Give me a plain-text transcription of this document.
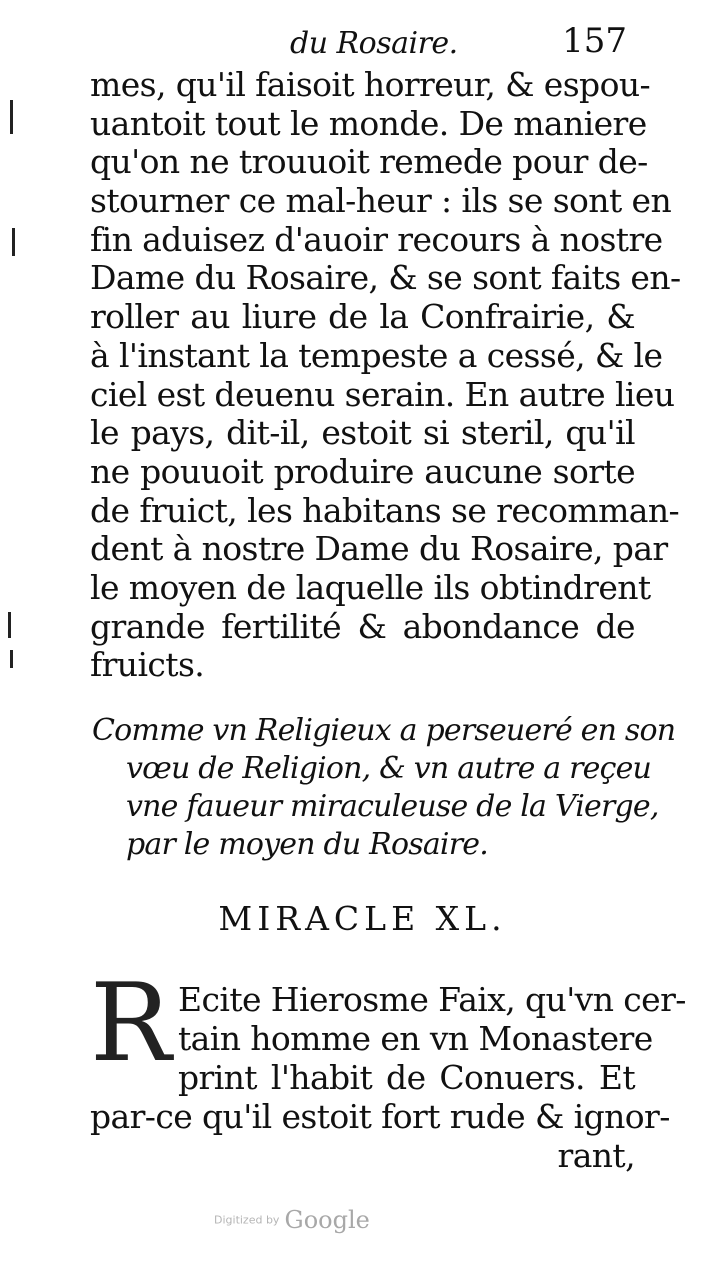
du Rosaire.	157
mes, qu'il faisoit horreur, & espou-
uantoit tout le monde. De maniere
qu'on ne trouuoit remede pour de-
stourner ce mal-heur : ils se sont en
fin aduisez d'auoir recours à nostre
Dame du Rosaire, & se sont faits en-
roller au liure de la Confrairie, &
à l'instant la tempeste a cessé, & le
ciel est deuenu serain. En autre lieu
le pays, dit-il, estoit si steril, qu'il
ne pouuoit produire aucune sorte
de fruict, les habitans se recomman-
dent à nostre Dame du Rosaire, par
le moyen de laquelle ils obtindrent
grande fertilité & abondance de
fruicts.
Comme vn Religieux a perseueré en son
vœu de Religion, & vn autre a reçeu
vne faueur miraculeuse de la Vierge,
par le moyen du Rosaire.
MIRACLE XL.
R Ecite Hierosme Faix, qu'vn cer-
tain homme en vn Monastere
print l'habit de Conuers. Et
par-ce qu'il estoit fort rude & ignor-
rant,
Digitized by Google
